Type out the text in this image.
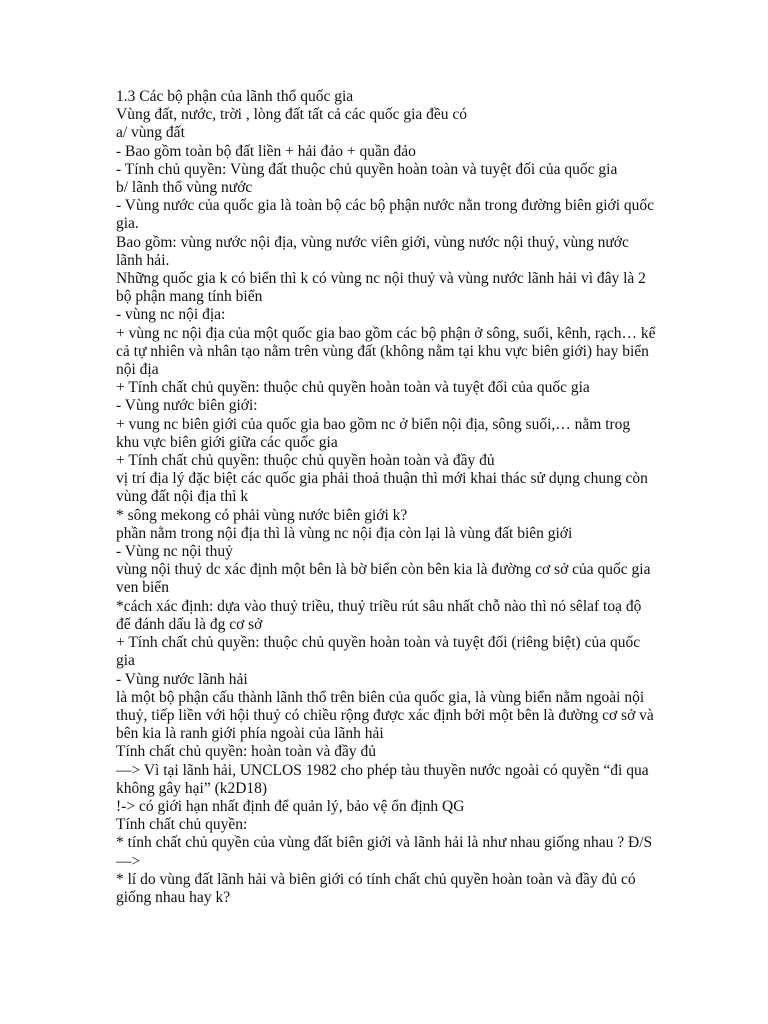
1.3 Các bộ phận của lãnh thổ quốc gia

Vùng đất, nước, trời , lòng đất tất cả các quốc gia đều có

a/ vùng đất

- Bao gồm toàn bộ đất liền + hải đảo + quần đảo

- Tính chủ quyền: Vùng đất thuộc chủ quyền hoàn toàn và tuyệt đối của quốc gia

b/ lãnh thổ vùng nước

- Vùng nước của quốc gia là toàn bộ các bộ phận nước nằn trong đường biên giới quốc gia.

Bao gồm: vùng nước nội địa, vùng nước viên giới, vùng nước nội thuỷ, vùng nước lãnh hải.

Những quốc gia k có biển thì k có vùng nc nội thuỷ và vùng nước lãnh hải vì đây là 2 bộ phận mang tính biển

- vùng nc nội địa:

+ vùng nc nội địa của một quốc gia bao gồm các bộ phận ở sông, suối, kênh, rạch… kể cả tự nhiên và nhân tạo nằm trên vùng đất (không nằm tại khu vực biên giới) hay biển nội địa

+ Tính chất chủ quyền: thuộc chủ quyền hoàn toàn và tuyệt đối của quốc gia

- Vùng nước biên giới:

+ vung nc biên giới của quốc gia bao gồm nc ở biển nội địa, sông suối,… nằm trog khu vực biên giới giữa các quốc gia

+ Tính chất chủ quyền: thuộc chủ quyền hoàn toàn và đầy đủ

vị trí địa lý đặc biệt các quốc gia phải thoả thuận thì mới khai thác sử dụng chung còn vùng đất nội địa thì k

* sông mekong có phải vùng nước biên giới k?

phần nằm trong nội địa thì là vùng nc nội địa còn lại là vùng đất biên giới

- Vùng nc nội thuỷ

vùng nội thuỷ dc xác định một bên là bờ biển còn bên kia là đường cơ sở của quốc gia ven biển

*cách xác định: dựa vào thuỷ triều, thuỷ triều rút sâu nhất chỗ nào thì nó sêlaf toạ độ để đánh dấu là đg cơ sở

+ Tính chất chủ quyền: thuộc chủ quyền hoàn toàn và tuyệt đối (riêng biệt) của quốc gia

- Vùng nước lãnh hải

là một bộ phận cấu thành lãnh thổ trên biên của quốc gia, là vùng biển nằm ngoài nội thuỷ, tiếp liền với hội thuỷ có chiều rộng được xác định bởi một bên là đường cơ sở và bên kia là ranh giới phía ngoài của lãnh hải

Tính chất chủ quyền: hoàn toàn và đầy đủ

—> Vì tại lãnh hải, UNCLOS 1982 cho phép tàu thuyền nước ngoài có quyền “đi qua không gây hại” (k2D18)

!-> có giới hạn nhất định để quản lý, bảo vệ ổn định QG

Tính chất chủ quyền:

* tính chất chủ quyền của vùng đất biên giới và lãnh hải là như nhau giống nhau ? Đ/S—>

* lí do vùng đất lãnh hải và biên giới có tính chất chủ quyền hoàn toàn và đầy đủ có giống nhau hay k?
